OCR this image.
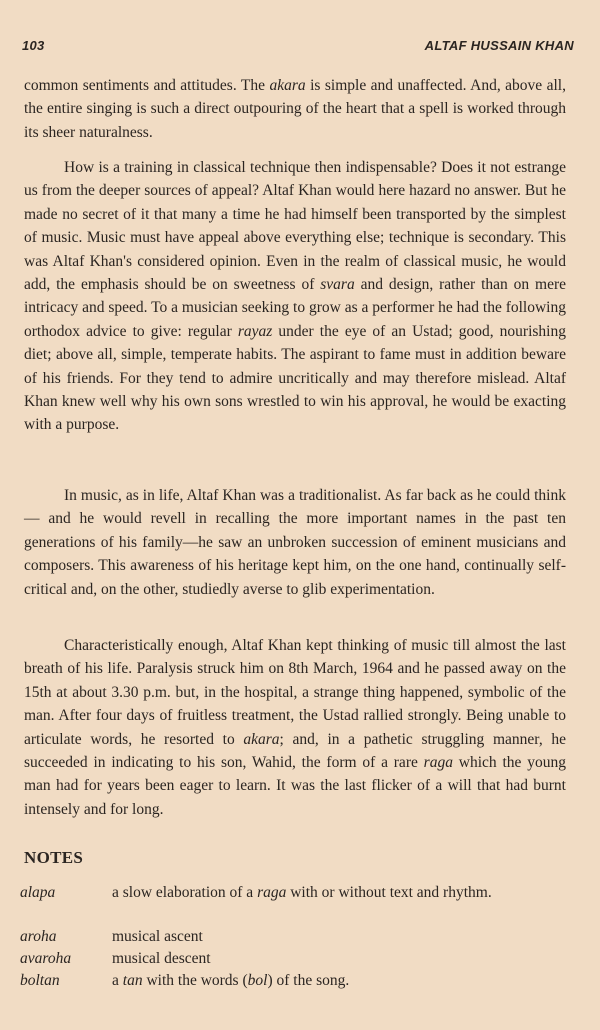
103	ALTAF HUSSAIN KHAN

common sentiments and attitudes. The akara is simple and unaffected. And, above all, the entire singing is such a direct outpouring of the heart that a spell is worked through its sheer naturalness.

How is a training in classical technique then indispensable? Does it not estrange us from the deeper sources of appeal? Altaf Khan would here hazard no answer. But he made no secret of it that many a time he had himself been transported by the simplest of music. Music must have appeal above everything else; technique is secondary. This was Altaf Khan's considered opinion. Even in the realm of classical music, he would add, the emphasis should be on sweetness of svara and design, rather than on mere intricacy and speed. To a musician seeking to grow as a performer he had the following orthodox advice to give: regular rayaz under the eye of an Ustad; good, nourishing diet; above all, simple, temperate habits. The aspirant to fame must in addition beware of his friends. For they tend to admire uncritically and may therefore mislead. Altaf Khan knew well why his own sons wrestled to win his approval, he would be exacting with a purpose.

In music, as in life, Altaf Khan was a traditionalist. As far back as he could think — and he would revell in recalling the more important names in the past ten generations of his family—he saw an unbroken succession of eminent musicians and composers. This awareness of his heritage kept him, on the one hand, continually self-critical and, on the other, studiedly averse to glib experimentation.

Characteristically enough, Altaf Khan kept thinking of music till almost the last breath of his life. Paralysis struck him on 8th March, 1964 and he passed away on the 15th at about 3.30 p.m. but, in the hospital, a strange thing happened, symbolic of the man. After four days of fruitless treatment, the Ustad rallied strongly. Being unable to articulate words, he resorted to akara; and, in a pathetic struggling manner, he succeeded in indicating to his son, Wahid, the form of a rare raga which the young man had for years been eager to learn. It was the last flicker of a will that had burnt intensely and for long.

NOTES
alapa	a slow elaboration of a raga with or without text and rhythm.
aroha	musical ascent
avaroha	musical descent
boltan	a tan with the words (bol) of the song.
